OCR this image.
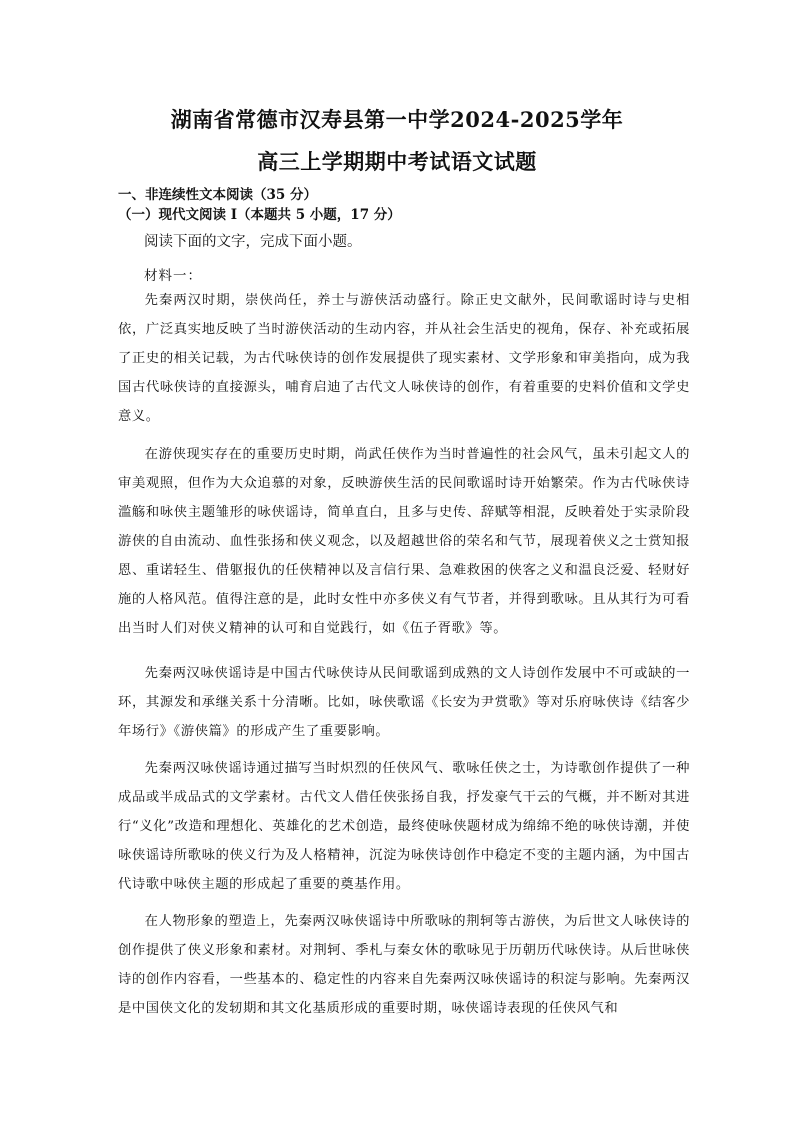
湖南省常德市汉寿县第一中学2024-2025学年
高三上学期期中考试语文试题
一、非连续性文本阅读（35 分）
（一）现代文阅读 I（本题共 5 小题，17 分）
阅读下面的文字，完成下面小题。
材料一：

先秦两汉时期，崇侠尚任，养士与游侠活动盛行。除正史文献外，民间歌谣时诗与史相依，广泛真实地反映了当时游侠活动的生动内容，并从社会生活史的视角，保存、补充或拓展了正史的相关记载，为古代咏侠诗的创作发展提供了现实素材、文学形象和审美指向，成为我国古代咏侠诗的直接源头，哺育启迪了古代文人咏侠诗的创作，有着重要的史料价值和文学史意义。

在游侠现实存在的重要历史时期，尚武任侠作为当时普遍性的社会风气，虽未引起文人的审美观照，但作为大众追慕的对象，反映游侠生活的民间歌谣时诗开始繁荣。作为古代咏侠诗滥觞和咏侠主题雏形的咏侠谣诗，简单直白，且多与史传、辞赋等相混，反映着处于实录阶段游侠的自由流动、血性张扬和侠义观念，以及超越世俗的荣名和气节，展现着侠义之士赏知报恩、重诺轻生、借躯报仇的任侠精神以及言信行果、急难救困的侠客之义和温良泛爱、轻财好施的人格风范。值得注意的是，此时女性中亦多侠义有气节者，并得到歌咏。且从其行为可看出当时人们对侠义精神的认可和自觉践行，如《伍子胥歌》等。

先秦两汉咏侠谣诗是中国古代咏侠诗从民间歌谣到成熟的文人诗创作发展中不可或缺的一环，其源发和承继关系十分清晰。比如，咏侠歌谣《长安为尹赏歌》等对乐府咏侠诗《结客少年场行》《游侠篇》的形成产生了重要影响。

先秦两汉咏侠谣诗通过描写当时炽烈的任侠风气、歌咏任侠之士，为诗歌创作提供了一种成品或半成品式的文学素材。古代文人借任侠张扬自我，抒发豪气干云的气概，并不断对其进行“义化”改造和理想化、英雄化的艺术创造，最终使咏侠题材成为绵绵不绝的咏侠诗潮，并使咏侠谣诗所歌咏的侠义行为及人格精神，沉淀为咏侠诗创作中稳定不变的主题内涵，为中国古代诗歌中咏侠主题的形成起了重要的奠基作用。

在人物形象的塑造上，先秦两汉咏侠谣诗中所歌咏的荆轲等古游侠，为后世文人咏侠诗的创作提供了侠义形象和素材。对荆轲、季札与秦女休的歌咏见于历朝历代咏侠诗。从后世咏侠诗的创作内容看，一些基本的、稳定性的内容来自先秦两汉咏侠谣诗的积淀与影响。先秦两汉是中国侠文化的发轫期和其文化基质形成的重要时期，咏侠谣诗表现的任侠风气和
